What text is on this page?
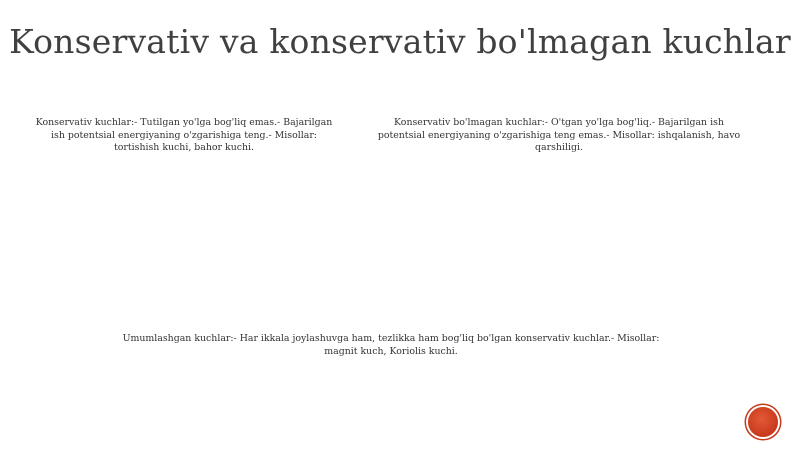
Konservativ va konservativ bo'lmagan kuchlar
Konservativ kuchlar:- Tutilgan yo'lga bog'liq emas.- Bajarilgan ish potentsial energiyaning o'zgarishiga teng.- Misollar: tortishish kuchi, bahor kuchi.
Konservativ bo'lmagan kuchlar:- O'tgan yo'lga bog'liq.- Bajarilgan ish potentsial energiyaning o'zgarishiga teng emas.- Misollar: ishqalanish, havo qarshiligi.
Umumlashgan kuchlar:- Har ikkala joylashuvga ham, tezlikka ham bog'liq bo'lgan konservativ kuchlar.- Misollar: magnit kuch, Koriolis kuchi.
